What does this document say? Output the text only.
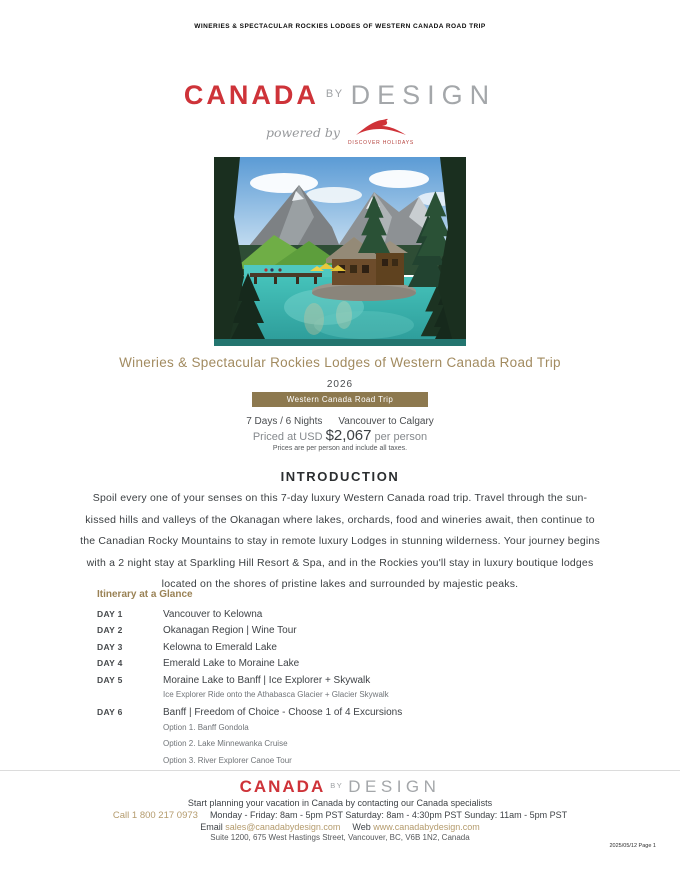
WINERIES & SPECTACULAR ROCKIES LODGES OF WESTERN CANADA ROAD TRIP
CANADA $^{BY}$ DESIGN
powered by
DISCOVER HOLIDAYS
Wineries & Spectacular Rockies Lodges of Western Canada Road Trip
2026
Western Canada Road Trip
7 Days / 6 Nights Vancouver to Calgary
Priced at USD $2,067 per person
Prices are per person and include all taxes.
INTRODUCTION
Spoil every one of your senses on this 7-day luxury Western Canada road trip. Travel through the sun-kissed hills and valleys of the Okanagan where lakes, orchards, food and wineries await, then continue to the Canadian Rocky Mountains to stay in remote luxury Lodges in stunning wilderness. Your journey begins with a 2 night stay at Sparkling Hill Resort & Spa, and in the Rockies you'll stay in luxury boutique lodges located on the shores of pristine lakes and surrounded by majestic peaks.
Itinerary at a Glance
DAY 1	Vancouver to Kelowna
DAY 2	Okanagan Region | Wine Tour
DAY 3	Kelowna to Emerald Lake
DAY 4	Emerald Lake to Moraine Lake
DAY 5	Moraine Lake to Banff | Ice Explorer + Skywalk
Ice Explorer Ride onto the Athabasca Glacier + Glacier Skywalk
DAY 6	Banff | Freedom of Choice - Choose 1 of 4 Excursions
Option 1. Banff Gondola
Option 2. Lake Minnewanka Cruise
Option 3. River Explorer Canoe Tour
CANADA $^{BY}$ DESIGN
Start planning your vacation in Canada by contacting our Canada specialists
Call 1 800 217 0973 Monday - Friday: 8am - 5pm PST Saturday: 8am - 4:30pm PST Sunday: 11am - 5pm PST
Email sales@canadabydesign.com Web www.canadabydesign.com
Suite 1200, 675 West Hastings Street, Vancouver, BC, V6B 1N2, Canada
2025/05/12 Page 1
